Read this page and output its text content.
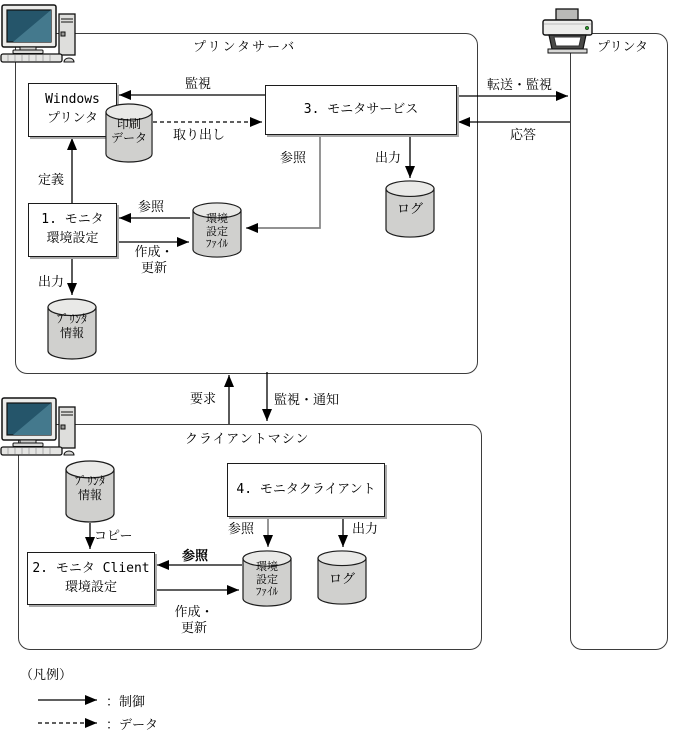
プリンタサーバ
クライアントマシン
プリンタ
Windows
プリンタ
1. モニタ
環境設定
3. モニタサービス
4. モニタクライアント
2. モニタ Client
環境設定
印刷
データ
環境
設定
ﾌｧｲﾙ
ﾌﾟﾘﾝﾀ
情報
ログ
ﾌﾟﾘﾝﾀ
情報
環境
設定
ﾌｧｲﾙ
ログ
監視
取り出し
転送・監視
応答
出力
参照
定義
参照
作成・
更新
出力
要求	監視・通知
コピー	参照	出力
参照
作成・
更新
（凡例）
：制御
：データ
